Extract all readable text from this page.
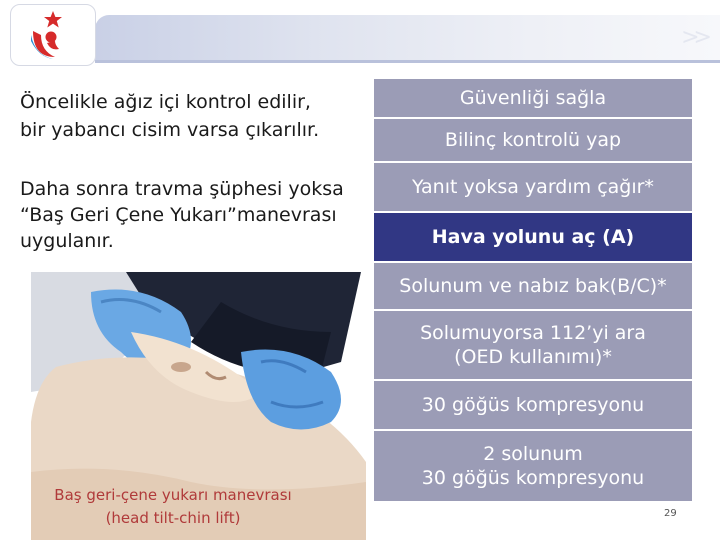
>>

Öncelikle ağız içi kontrol edilir,

bir yabancı cisim varsa çıkarılır.

Daha sonra travma şüphesi yoksa

“Baş Geri Çene Yukarı”manevrası

uygulanır.

Baş geri-çene yukarı manevrası
(head tilt-chin lift)
Güvenliği sağla
Bilinç kontrolü yap
Yanıt yoksa yardım çağır*
Hava yolunu aç (A)
Solunum ve nabız bak(B/C)*
Solumuyorsa 112’yi ara
(OED kullanımı)*
30 göğüs kompresyonu
2 solunum
30 göğüs kompresyonu
29
